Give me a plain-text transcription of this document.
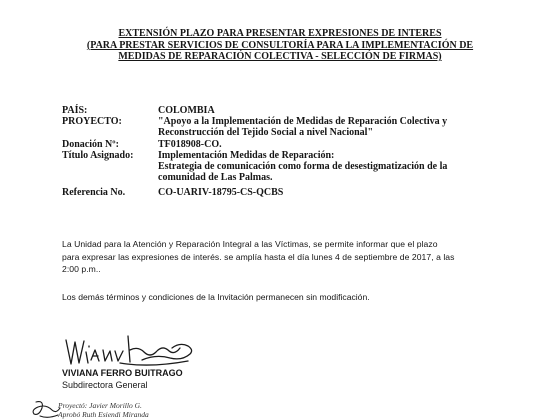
EXTENSIÓN PLAZO PARA PRESENTAR EXPRESIONES DE INTERES
(PARA PRESTAR SERVICIOS DE CONSULTORÍA PARA LA IMPLEMENTACIÓN DE
MEDIDAS DE REPARACIÓN COLECTIVA - SELECCIÓN DE FIRMAS)
PAÍS:	COLOMBIA
PROYECTO:	"Apoyo a la Implementación de Medidas de Reparación Colectiva y
Reconstrucción del Tejido Social a nivel Nacional"
Donación Nº:	TF018908-CO.
Título Asignado: Implementación Medidas de Reparación:
Estrategia de comunicación como forma de desestigmatización de la
comunidad de Las Palmas.
Referencia No.	CO-UARIV-18795-CS-QCBS
La Unidad para la Atención y Reparación Integral a las Víctimas, se permite informar que el plazo
para expresar las expresiones de interés. se amplía hasta el día lunes 4 de septiembre de 2017, a las
2:00 p.m..
Los demás términos y condiciones de la Invitación permanecen sin modificación.
VIVIANA FERRO BUITRAGO
Subdirectora General
Proyectó: Javier Morillo G.
Aprobó Ruth Esiendi Miranda
